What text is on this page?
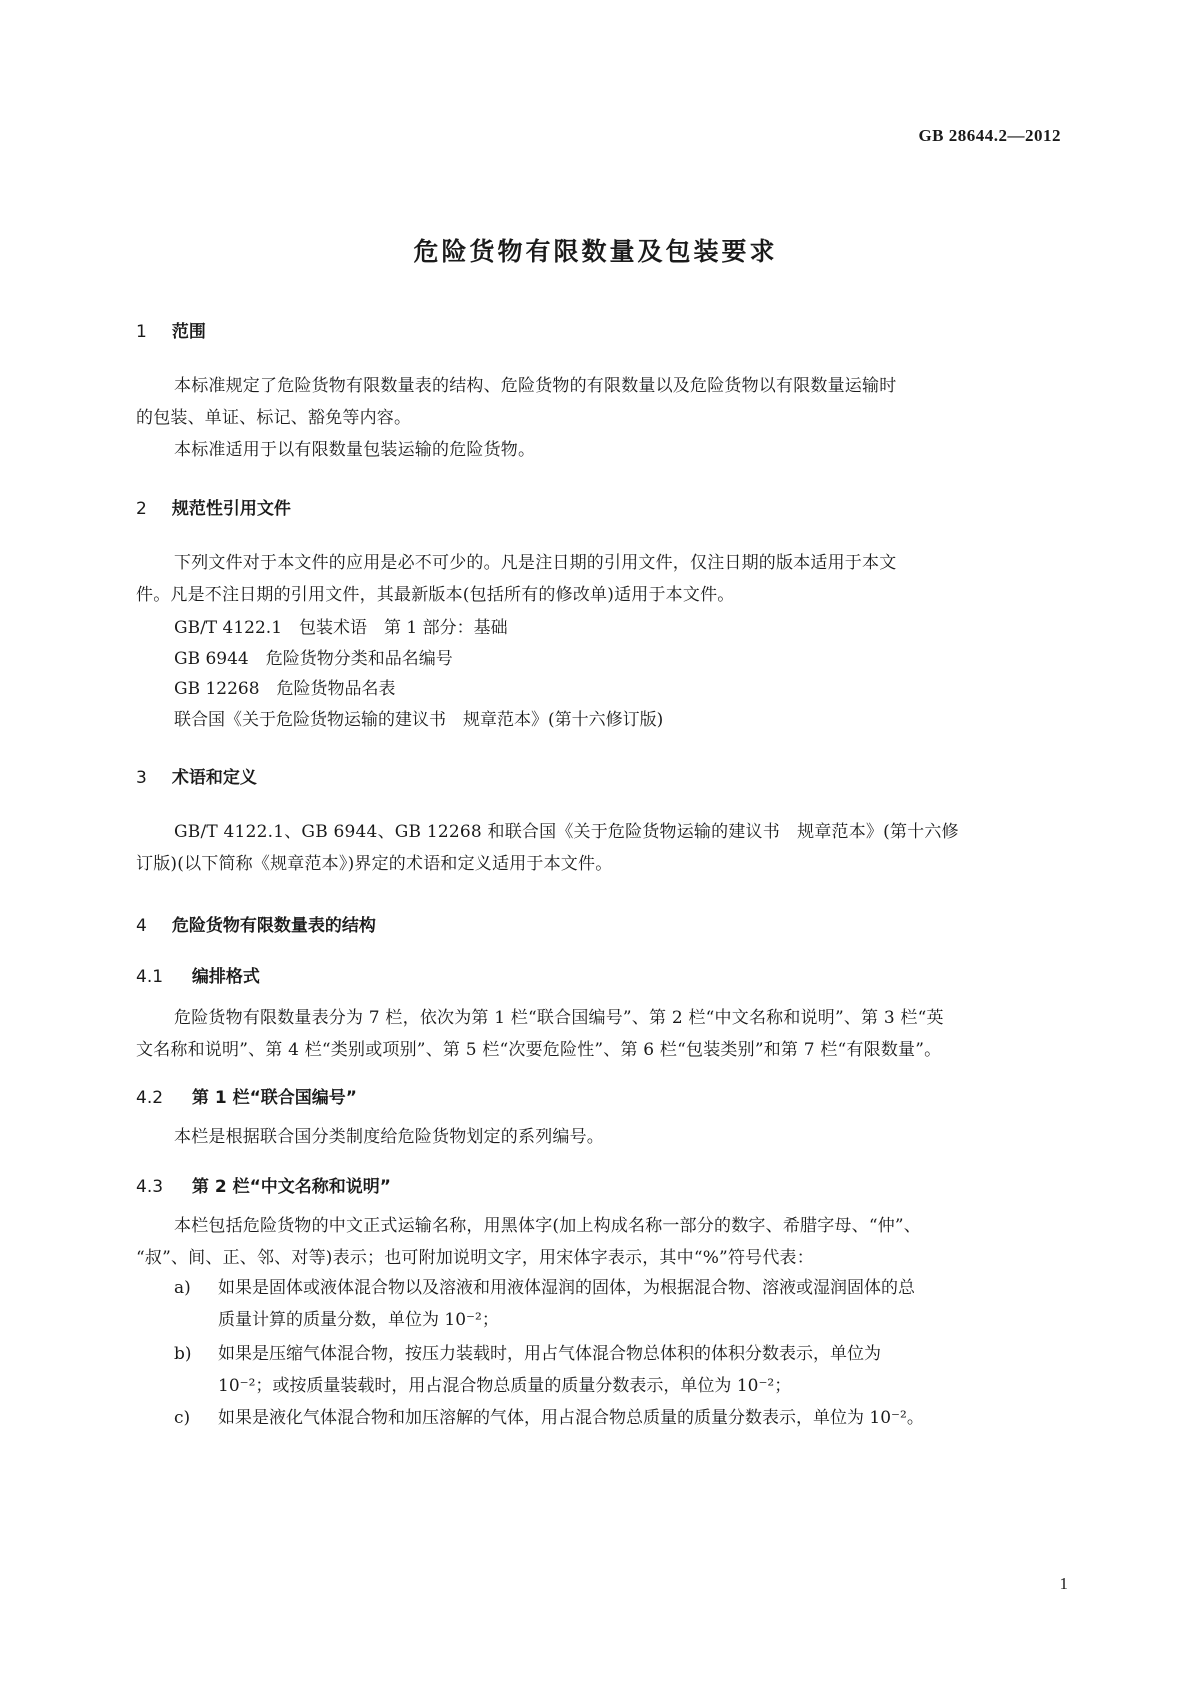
GB 28644.2—2012
危险货物有限数量及包装要求
1 范围
本标准规定了危险货物有限数量表的结构、危险货物的有限数量以及危险货物以有限数量运输时
的包装、单证、标记、豁免等内容。
本标准适用于以有限数量包装运输的危险货物。
2 规范性引用文件
下列文件对于本文件的应用是必不可少的。凡是注日期的引用文件，仅注日期的版本适用于本文
件。凡是不注日期的引用文件，其最新版本(包括所有的修改单)适用于本文件。
GB/T 4122.1　包装术语　第 1 部分：基础
GB 6944　危险货物分类和品名编号
GB 12268　危险货物品名表
联合国《关于危险货物运输的建议书　规章范本》(第十六修订版)
3 术语和定义
GB/T 4122.1、GB 6944、GB 12268 和联合国《关于危险货物运输的建议书　规章范本》(第十六修
订版)(以下简称《规章范本》)界定的术语和定义适用于本文件。
4 危险货物有限数量表的结构
4.1 编排格式
危险货物有限数量表分为 7 栏，依次为第 1 栏“联合国编号”、第 2 栏“中文名称和说明”、第 3 栏“英
文名称和说明”、第 4 栏“类别或项别”、第 5 栏“次要危险性”、第 6 栏“包装类别”和第 7 栏“有限数量”。
4.2 第 1 栏“联合国编号”
本栏是根据联合国分类制度给危险货物划定的系列编号。
4.3 第 2 栏“中文名称和说明”
本栏包括危险货物的中文正式运输名称，用黑体字(加上构成名称一部分的数字、希腊字母、“仲”、
“叔”、间、正、邻、对等)表示；也可附加说明文字，用宋体字表示，其中“%”符号代表：
a) 如果是固体或液体混合物以及溶液和用液体湿润的固体，为根据混合物、溶液或湿润固体的总
质量计算的质量分数，单位为 10⁻²；
b) 如果是压缩气体混合物，按压力装载时，用占气体混合物总体积的体积分数表示，单位为
10⁻²；或按质量装载时，用占混合物总质量的质量分数表示，单位为 10⁻²；
c) 如果是液化气体混合物和加压溶解的气体，用占混合物总质量的质量分数表示，单位为 10⁻²。
1
